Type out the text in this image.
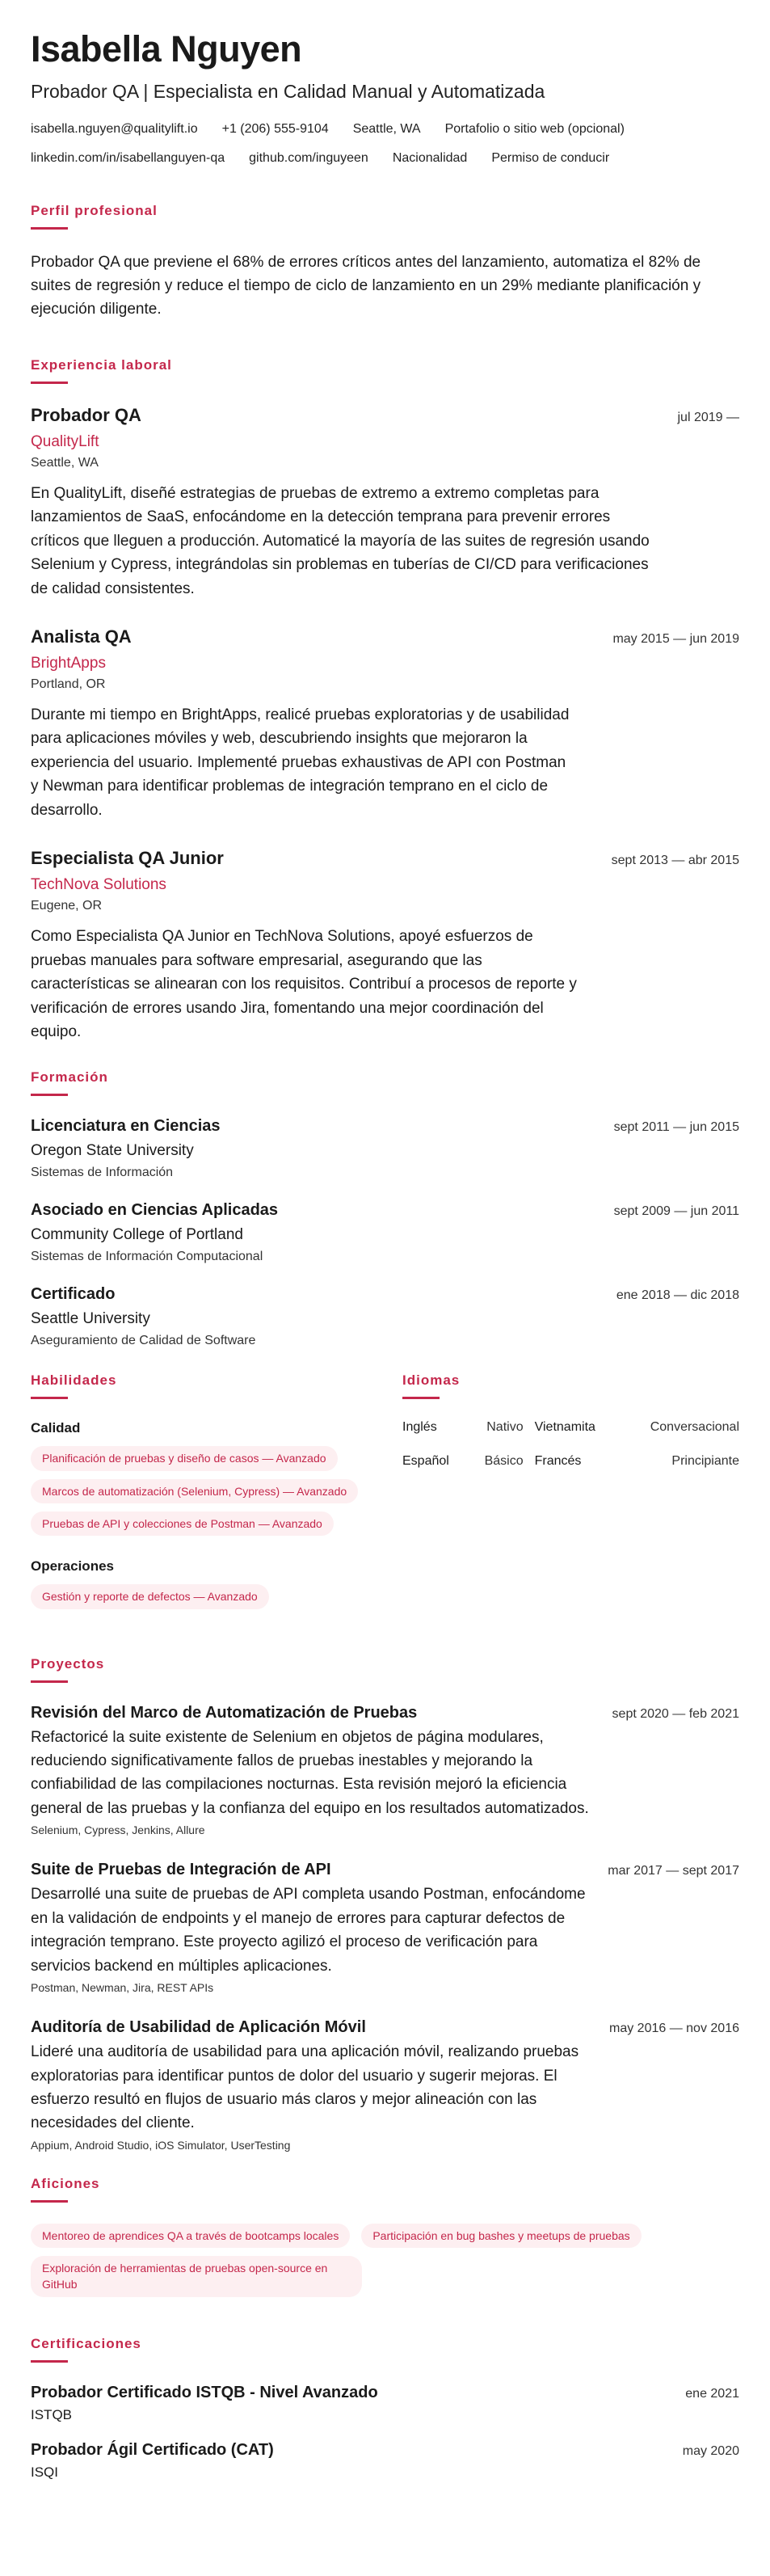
Isabella Nguyen
Probador QA | Especialista en Calidad Manual y Automatizada
isabella.nguyen@qualitylift.io +1 (206) 555-9104 Seattle, WA Portafolio o sitio web (opcional)
linkedin.com/in/isabellanguyen-qa github.com/inguyeen Nacionalidad Permiso de conducir
Perfil profesional
Probador QA que previene el 68% de errores críticos antes del lanzamiento, automatiza el 82% de suites de regresión y reduce el tiempo de ciclo de lanzamiento en un 29% mediante planificación y ejecución diligente.
Experiencia laboral
Probador QA	jul 2019 —
QualityLift
Seattle, WA
En QualityLift, diseñé estrategias de pruebas de extremo a extremo completas para lanzamientos de SaaS, enfocándome en la detección temprana para prevenir errores críticos que lleguen a producción. Automaticé la mayoría de las suites de regresión usando Selenium y Cypress, integrándolas sin problemas en tuberías de CI/CD para verificaciones de calidad consistentes.
Analista QA	may 2015 — jun 2019
BrightApps
Portland, OR
Durante mi tiempo en BrightApps, realicé pruebas exploratorias y de usabilidad para aplicaciones móviles y web, descubriendo insights que mejoraron la experiencia del usuario. Implementé pruebas exhaustivas de API con Postman y Newman para identificar problemas de integración temprano en el ciclo de desarrollo.
Especialista QA Junior	sept 2013 — abr 2015
TechNova Solutions
Eugene, OR
Como Especialista QA Junior en TechNova Solutions, apoyé esfuerzos de pruebas manuales para software empresarial, asegurando que las características se alinearan con los requisitos. Contribuí a procesos de reporte y verificación de errores usando Jira, fomentando una mejor coordinación del equipo.
Formación
Licenciatura en Ciencias	sept 2011 — jun 2015
Oregon State University
Sistemas de Información
Asociado en Ciencias Aplicadas	sept 2009 — jun 2011
Community College of Portland
Sistemas de Información Computacional
Certificado	ene 2018 — dic 2018
Seattle University
Aseguramiento de Calidad de Software
Habilidades
Calidad
Planificación de pruebas y diseño de casos — Avanzado
Marcos de automatización (Selenium, Cypress) — Avanzado
Pruebas de API y colecciones de Postman — Avanzado
Operaciones
Gestión y reporte de defectos — Avanzado
Idiomas
Inglés	Nativo	Vietnamita	Conversacional
Español	Básico	Francés	Principiante
Proyectos
Revisión del Marco de Automatización de Pruebas	sept 2020 — feb 2021
Refactoricé la suite existente de Selenium en objetos de página modulares, reduciendo significativamente fallos de pruebas inestables y mejorando la confiabilidad de las compilaciones nocturnas. Esta revisión mejoró la eficiencia general de las pruebas y la confianza del equipo en los resultados automatizados.
Selenium, Cypress, Jenkins, Allure
Suite de Pruebas de Integración de API	mar 2017 — sept 2017
Desarrollé una suite de pruebas de API completa usando Postman, enfocándome en la validación de endpoints y el manejo de errores para capturar defectos de integración temprano. Este proyecto agilizó el proceso de verificación para servicios backend en múltiples aplicaciones.
Postman, Newman, Jira, REST APIs
Auditoría de Usabilidad de Aplicación Móvil	may 2016 — nov 2016
Lideré una auditoría de usabilidad para una aplicación móvil, realizando pruebas exploratorias para identificar puntos de dolor del usuario y sugerir mejoras. El esfuerzo resultó en flujos de usuario más claros y mejor alineación con las necesidades del cliente.
Appium, Android Studio, iOS Simulator, UserTesting
Aficiones
Mentoreo de aprendices QA a través de bootcamps locales	Participación en bug bashes y meetups de pruebas
Exploración de herramientas de pruebas open-source en GitHub
Certificaciones
Probador Certificado ISTQB - Nivel Avanzado	ene 2021
ISTQB
Probador Ágil Certificado (CAT)	may 2020
ISQI
